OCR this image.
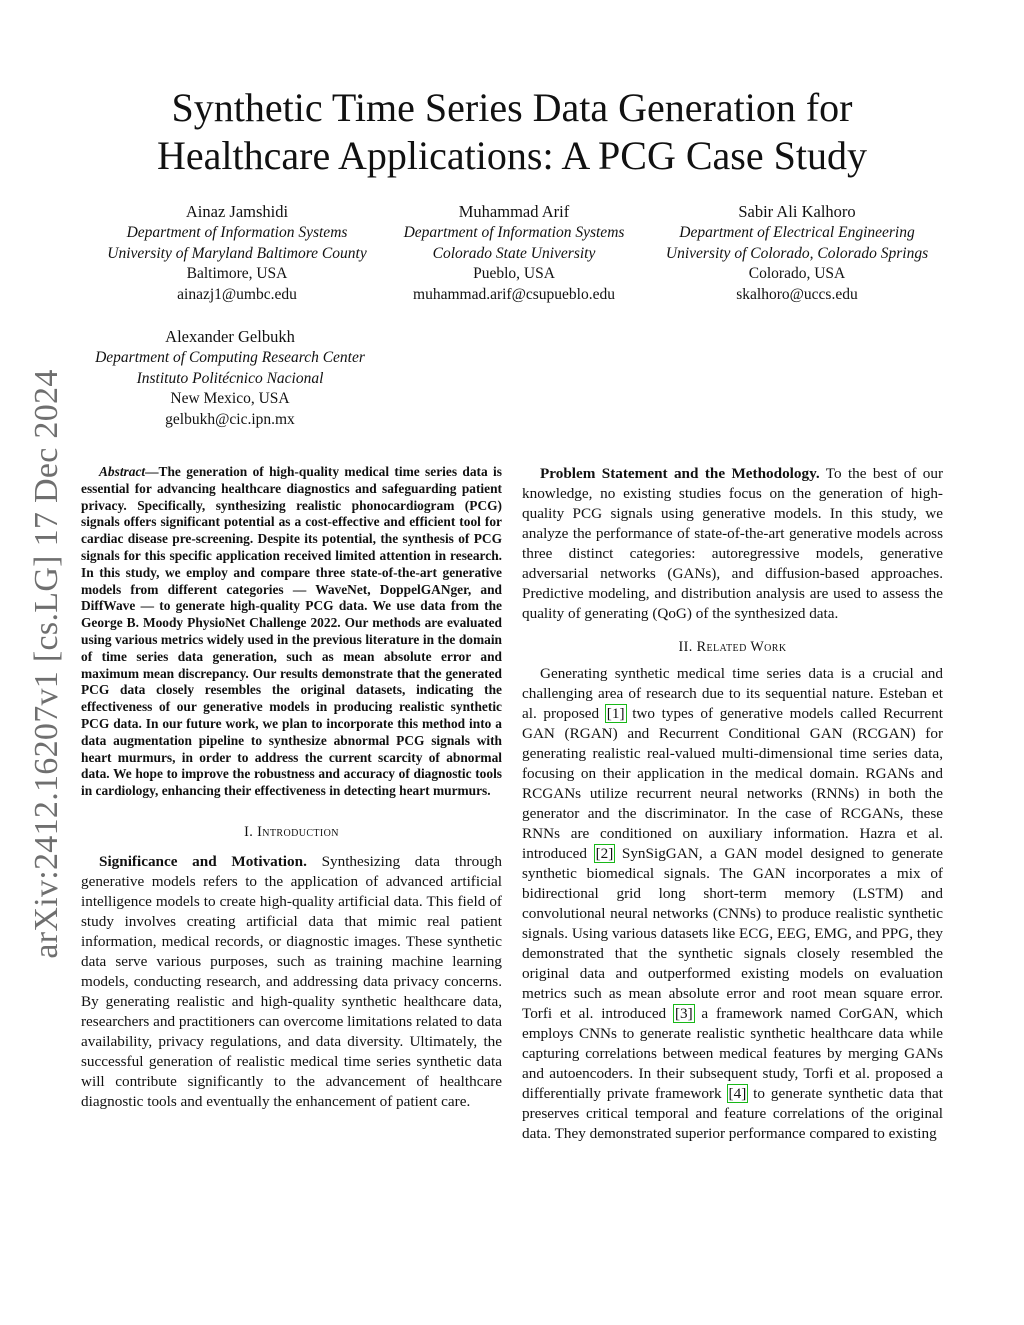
arXiv:2412.16207v1 [cs.LG] 17 Dec 2024
Synthetic Time Series Data Generation for
Healthcare Applications: A PCG Case Study
Ainaz Jamshidi
Department of Information Systems
University of Maryland Baltimore County
Baltimore, USA
ainazj1@umbc.edu
Muhammad Arif
Department of Information Systems
Colorado State University
Pueblo, USA
muhammad.arif@csupueblo.edu
Sabir Ali Kalhoro
Department of Electrical Engineering
University of Colorado, Colorado Springs
Colorado, USA
skalhoro@uccs.edu
Alexander Gelbukh
Department of Computing Research Center
Instituto Politécnico Nacional
New Mexico, USA
gelbukh@cic.ipn.mx

Abstract—The generation of high-quality medical time series data is essential for advancing healthcare diagnostics and safeguarding patient privacy. Specifically, synthesizing realistic phonocardiogram (PCG) signals offers significant potential as a cost-effective and efficient tool for cardiac disease pre-screening. Despite its potential, the synthesis of PCG signals for this specific application received limited attention in research. In this study, we employ and compare three state-of-the-art generative models from different categories — WaveNet, DoppelGANger, and DiffWave — to generate high-quality PCG data. We use data from the George B. Moody PhysioNet Challenge 2022. Our methods are evaluated using various metrics widely used in the previous literature in the domain of time series data generation, such as mean absolute error and maximum mean discrepancy. Our results demonstrate that the generated PCG data closely resembles the original datasets, indicating the effectiveness of our generative models in producing realistic synthetic PCG data. In our future work, we plan to incorporate this method into a data augmentation pipeline to synthesize abnormal PCG signals with heart murmurs, in order to address the current scarcity of abnormal data. We hope to improve the robustness and accuracy of diagnostic tools in cardiology, enhancing their effectiveness in detecting heart murmurs.

I. Introduction

Significance and Motivation. Synthesizing data through generative models refers to the application of advanced artificial intelligence models to create high-quality artificial data. This field of study involves creating artificial data that mimic real patient information, medical records, or diagnostic images. These synthetic data serve various purposes, such as training machine learning models, conducting research, and addressing data privacy concerns. By generating realistic and high-quality synthetic healthcare data, researchers and practitioners can overcome limitations related to data availability, privacy regulations, and data diversity. Ultimately, the successful generation of realistic medical time series synthetic data will contribute significantly to the advancement of healthcare diagnostic tools and eventually the enhancement of patient care.

Problem Statement and the Methodology. To the best of our knowledge, no existing studies focus on the generation of high-quality PCG signals using generative models. In this study, we analyze the performance of state-of-the-art generative models across three distinct categories: autoregressive models, generative adversarial networks (GANs), and diffusion-based approaches. Predictive modeling, and distribution analysis are used to assess the quality of generating (QoG) of the synthesized data.

II. Related Work

Generating synthetic medical time series data is a crucial and challenging area of research due to its sequential nature. Esteban et al. proposed [1] two types of generative models called Recurrent GAN (RGAN) and Recurrent Conditional GAN (RCGAN) for generating realistic real-valued multi-dimensional time series data, focusing on their application in the medical domain. RGANs and RCGANs utilize recurrent neural networks (RNNs) in both the generator and the discriminator. In the case of RCGANs, these RNNs are conditioned on auxiliary information. Hazra et al. introduced [2] SynSigGAN, a GAN model designed to generate synthetic biomedical signals. The GAN incorporates a mix of bidirectional grid long short-term memory (LSTM) and convolutional neural networks (CNNs) to produce realistic synthetic signals. Using various datasets like ECG, EEG, EMG, and PPG, they demonstrated that the synthetic signals closely resembled the original data and outperformed existing models on evaluation metrics such as mean absolute error and root mean square error. Torfi et al. introduced [3] a framework named CorGAN, which employs CNNs to generate realistic synthetic healthcare data while capturing correlations between medical features by merging GANs and autoencoders. In their subsequent study, Torfi et al. proposed a differentially private framework [4] to generate synthetic data that preserves critical temporal and feature correlations of the original data. They demonstrated superior performance compared to existing
